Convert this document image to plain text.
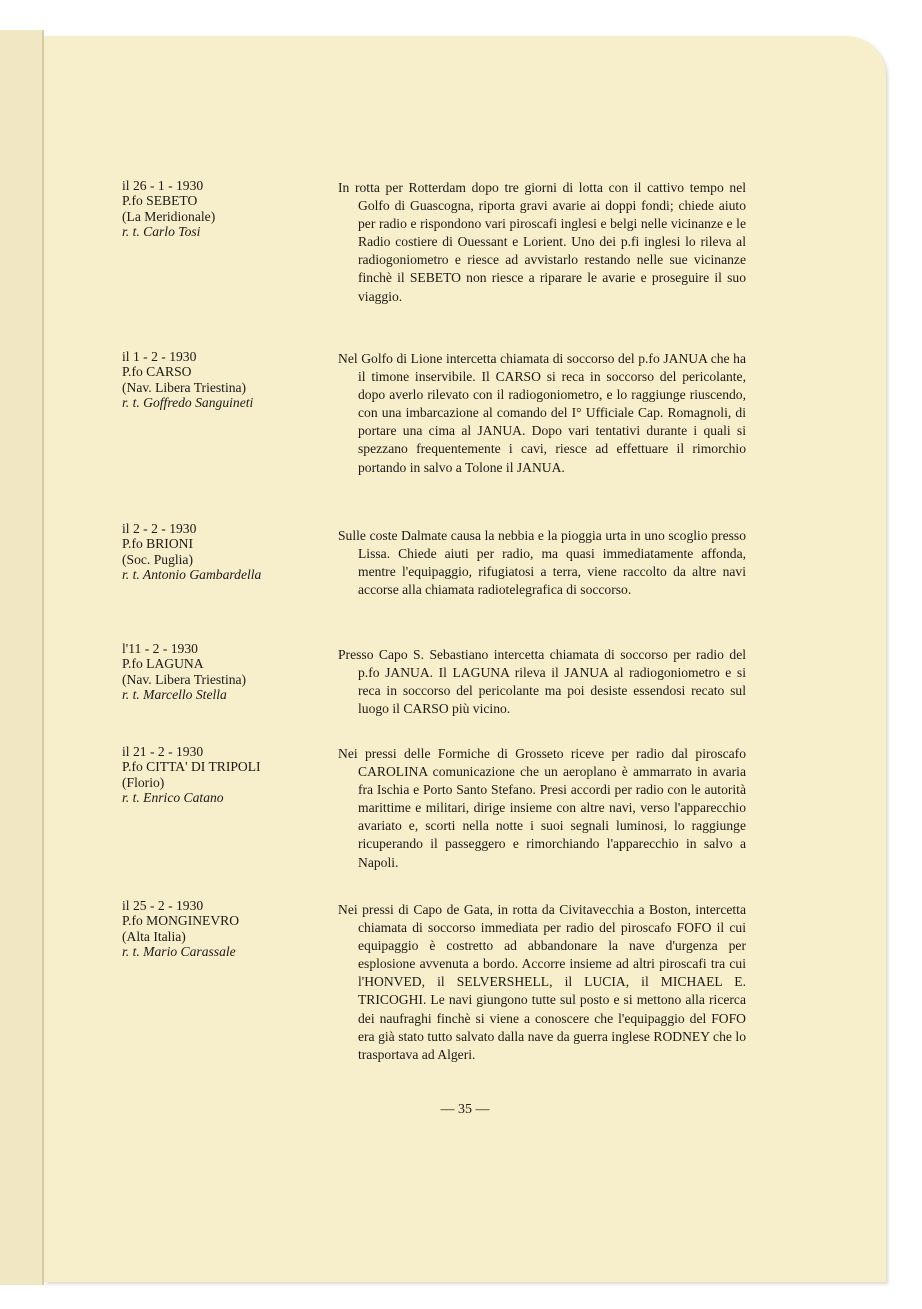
il 26 - 1 - 1930
P.fo SEBETO
(La Meridionale)
r. t. Carlo Tosi

In rotta per Rotterdam dopo tre giorni di lotta con il cattivo tempo nel Golfo di Guascogna, riporta gravi avarie ai doppi fondi; chiede aiuto per radio e rispondono vari piroscafi inglesi e belgi nelle vicinanze e le Radio costiere di Ouessant e Lorient. Uno dei p.fi inglesi lo rileva al radiogoniometro e riesce ad avvistarlo restando nelle sue vicinanze finchè il SEBETO non riesce a riparare le avarie e proseguire il suo viaggio.

il 1 - 2 - 1930
P.fo CARSO
(Nav. Libera Triestina)
r. t. Goffredo Sanguineti

Nel Golfo di Lione intercetta chiamata di soccorso del p.fo JANUA che ha il timone inservibile. Il CARSO si reca in soccorso del pericolante, dopo averlo rilevato con il radiogoniometro, e lo raggiunge riuscendo, con una imbarcazione al comando del I° Ufficiale Cap. Romagnoli, di portare una cima al JANUA. Dopo vari tentativi durante i quali si spezzano frequentemente i cavi, riesce ad effettuare il rimorchio portando in salvo a Tolone il JANUA.

il 2 - 2 - 1930
P.fo BRIONI
(Soc. Puglia)
r. t. Antonio Gambardella

Sulle coste Dalmate causa la nebbia e la pioggia urta in uno scoglio presso Lissa. Chiede aiuti per radio, ma quasi immediatamente affonda, mentre l'equipaggio, rifugiatosi a terra, viene raccolto da altre navi accorse alla chiamata radiotelegrafica di soccorso.

l'11 - 2 - 1930
P.fo LAGUNA
(Nav. Libera Triestina)
r. t. Marcello Stella

Presso Capo S. Sebastiano intercetta chiamata di soccorso per radio del p.fo JANUA. Il LAGUNA rileva il JANUA al radiogoniometro e si reca in soccorso del pericolante ma poi desiste essendosi recato sul luogo il CARSO più vicino.

il 21 - 2 - 1930
P.fo CITTA' DI TRIPOLI
(Florio)
r. t. Enrico Catano

Nei pressi delle Formiche di Grosseto riceve per radio dal piroscafo CAROLINA comunicazione che un aeroplano è ammarrato in avaria fra Ischia e Porto Santo Stefano. Presi accordi per radio con le autorità marittime e militari, dirige insieme con altre navi, verso l'apparecchio avariato e, scorti nella notte i suoi segnali luminosi, lo raggiunge ricuperando il passeggero e rimorchiando l'apparecchio in salvo a Napoli.

il 25 - 2 - 1930
P.fo MONGINEVRO
(Alta Italia)
r. t. Mario Carassale

Nei pressi di Capo de Gata, in rotta da Civitavecchia a Boston, intercetta chiamata di soccorso immediata per radio del piroscafo FOFO il cui equipaggio è costretto ad abbandonare la nave d'urgenza per esplosione avvenuta a bordo. Accorre insieme ad altri piroscafi tra cui l'HONVED, il SELVERSHELL, il LUCIA, il MICHAEL E. TRICOGHI. Le navi giungono tutte sul posto e si mettono alla ricerca dei naufraghi finchè si viene a conoscere che l'equipaggio del FOFO era già stato tutto salvato dalla nave da guerra inglese RODNEY che lo trasportava ad Algeri.

— 35 —
